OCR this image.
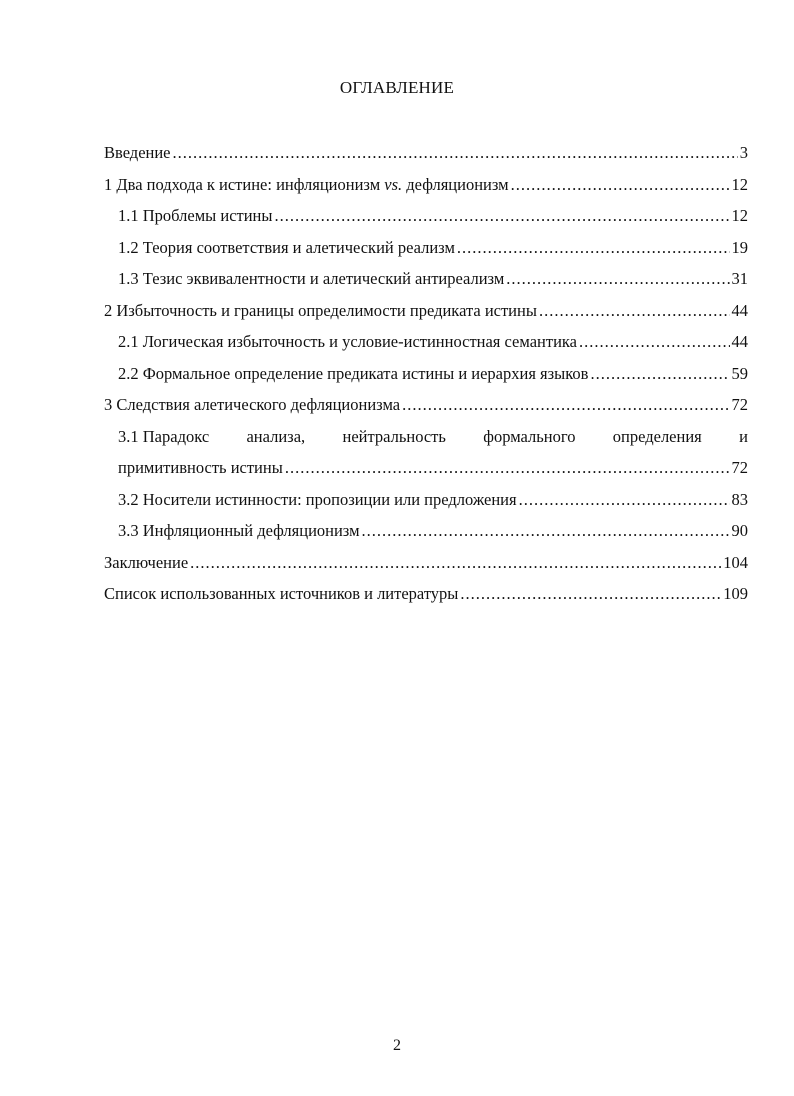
ОГЛАВЛЕНИЕ
Введение .....	3
1 Два подхода к истине: инфляционизм vs. дефляционизм .....	12
1.1 Проблемы истины .....	12
1.2 Теория соответствия и алетический реализм .....	19
1.3 Тезис эквивалентности и алетический антиреализм .....	31
2 Избыточность и границы определимости предиката истины .....	44
2.1 Логическая избыточность и условие-истинностная семантика .....	44
2.2 Формальное определение предиката истины и иерархия языков .....	59
3 Следствия алетического дефляционизма .....	72
3.1 Парадокс анализа, нейтральность формального определения и
примитивность истины .....	72
3.2 Носители истинности: пропозиции или предложения .....	83
3.3 Инфляционный дефляционизм .....	90
Заключение .....	104
Список использованных источников и литературы .....	109
2
